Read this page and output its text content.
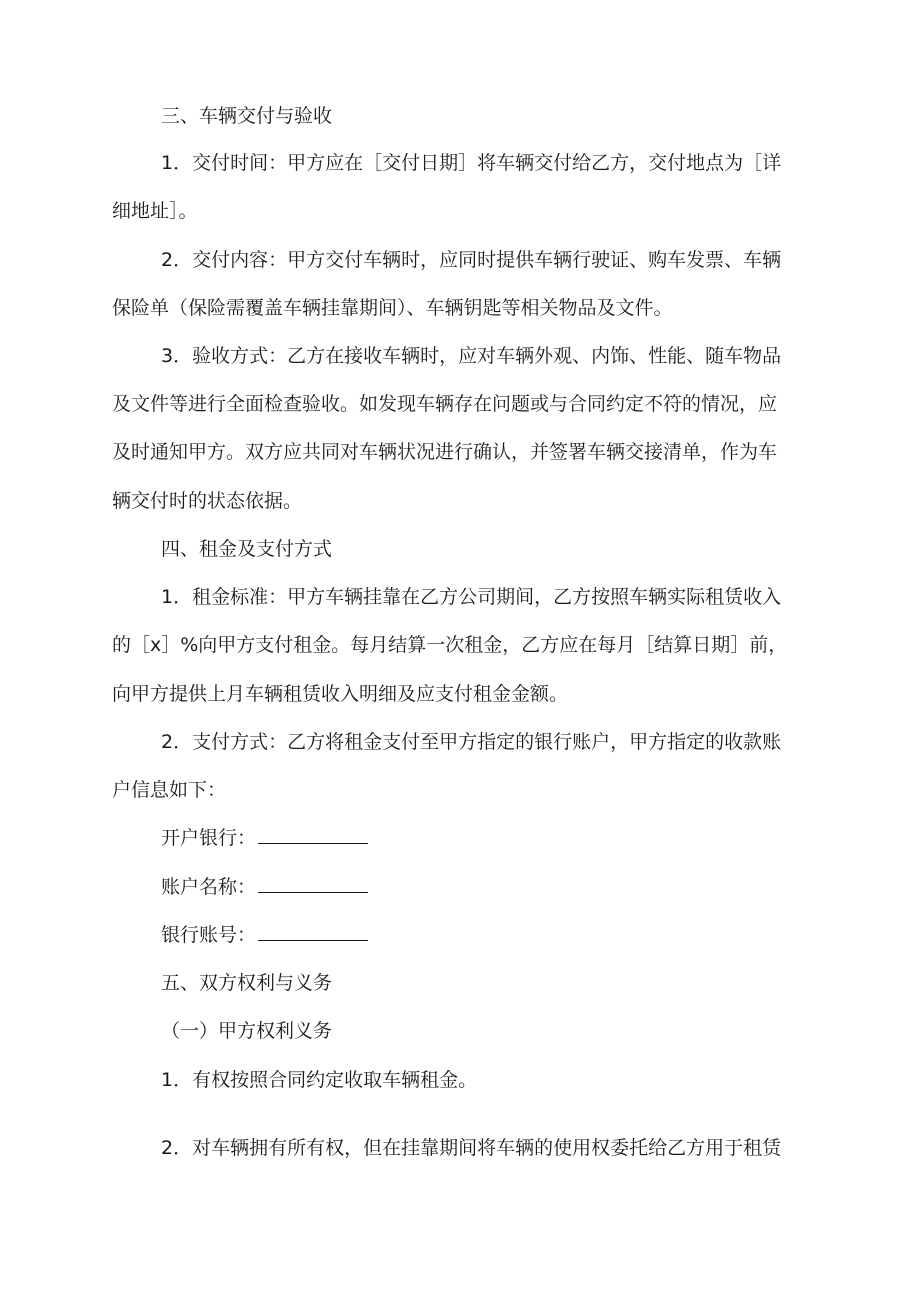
三、车辆交付与验收
1．交付时间：甲方应在［交付日期］将车辆交付给乙方，交付地点为［详
细地址］。
2．交付内容：甲方交付车辆时，应同时提供车辆行驶证、购车发票、车辆
保险单（保险需覆盖车辆挂靠期间）、车辆钥匙等相关物品及文件。
3．验收方式：乙方在接收车辆时，应对车辆外观、内饰、性能、随车物品
及文件等进行全面检查验收。如发现车辆存在问题或与合同约定不符的情况，应
及时通知甲方。双方应共同对车辆状况进行确认，并签署车辆交接清单，作为车
辆交付时的状态依据。
四、租金及支付方式
1．租金标准：甲方车辆挂靠在乙方公司期间，乙方按照车辆实际租赁收入
的［x］%向甲方支付租金。每月结算一次租金，乙方应在每月［结算日期］前，
向甲方提供上月车辆租赁收入明细及应支付租金金额。
2．支付方式：乙方将租金支付至甲方指定的银行账户，甲方指定的收款账
户信息如下：
开户银行：
账户名称：
银行账号：
五、双方权利与义务
（一）甲方权利义务
1．有权按照合同约定收取车辆租金。
2．对车辆拥有所有权，但在挂靠期间将车辆的使用权委托给乙方用于租赁
